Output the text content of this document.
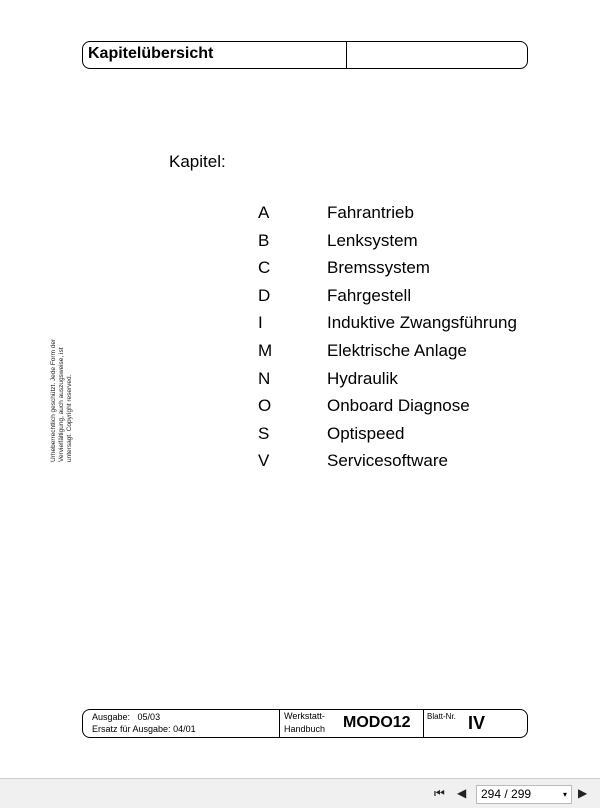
Kapitelübersicht
Kapitel:
A	Fahrantrieb
B	Lenksystem
C	Bremssystem
D	Fahrgestell
I	Induktive Zwangsführung
M	Elektrische Anlage
N	Hydraulik
O	Onboard Diagnose
S	Optispeed
V	Servicesoftware
Urheberrechtlich geschützt. Jede Form der Vervielfältigung, auch auszugsweise, ist untersagt. Copyright reserved.
Ausgabe: 05/03
Ersatz für Ausgabe: 04/01
Werkstatt-
Handbuch MODO12 Blatt-Nr. IV
⏮ ◀	294 / 299	▾ ▶
